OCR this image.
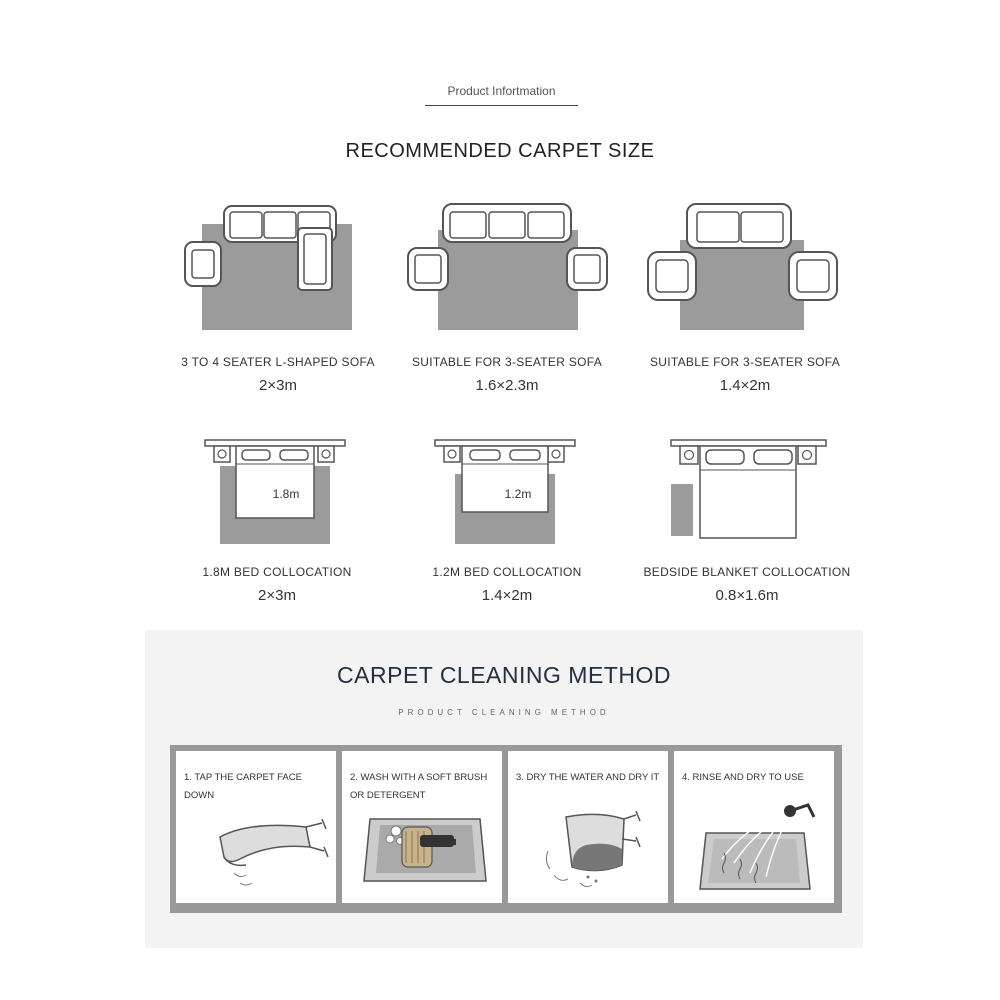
Product Infortmation
RECOMMENDED CARPET SIZE
3 TO 4 SEATER L-SHAPED SOFA
2×3m
SUITABLE FOR 3-SEATER SOFA
1.6×2.3m
SUITABLE FOR 3-SEATER SOFA
1.4×2m
1.8m	1.2m
1.8M BED COLLOCATION
2×3m
1.2M BED COLLOCATION
1.4×2m
BEDSIDE BLANKET COLLOCATION
0.8×1.6m
CARPET CLEANING METHOD
PRODUCT CLEANING METHOD
1. TAP THE CARPET FACE DOWN
2. WASH WITH A SOFT BRUSH OR DETERGENT
3. DRY THE WATER AND DRY IT 4. RINSE AND DRY TO USE
